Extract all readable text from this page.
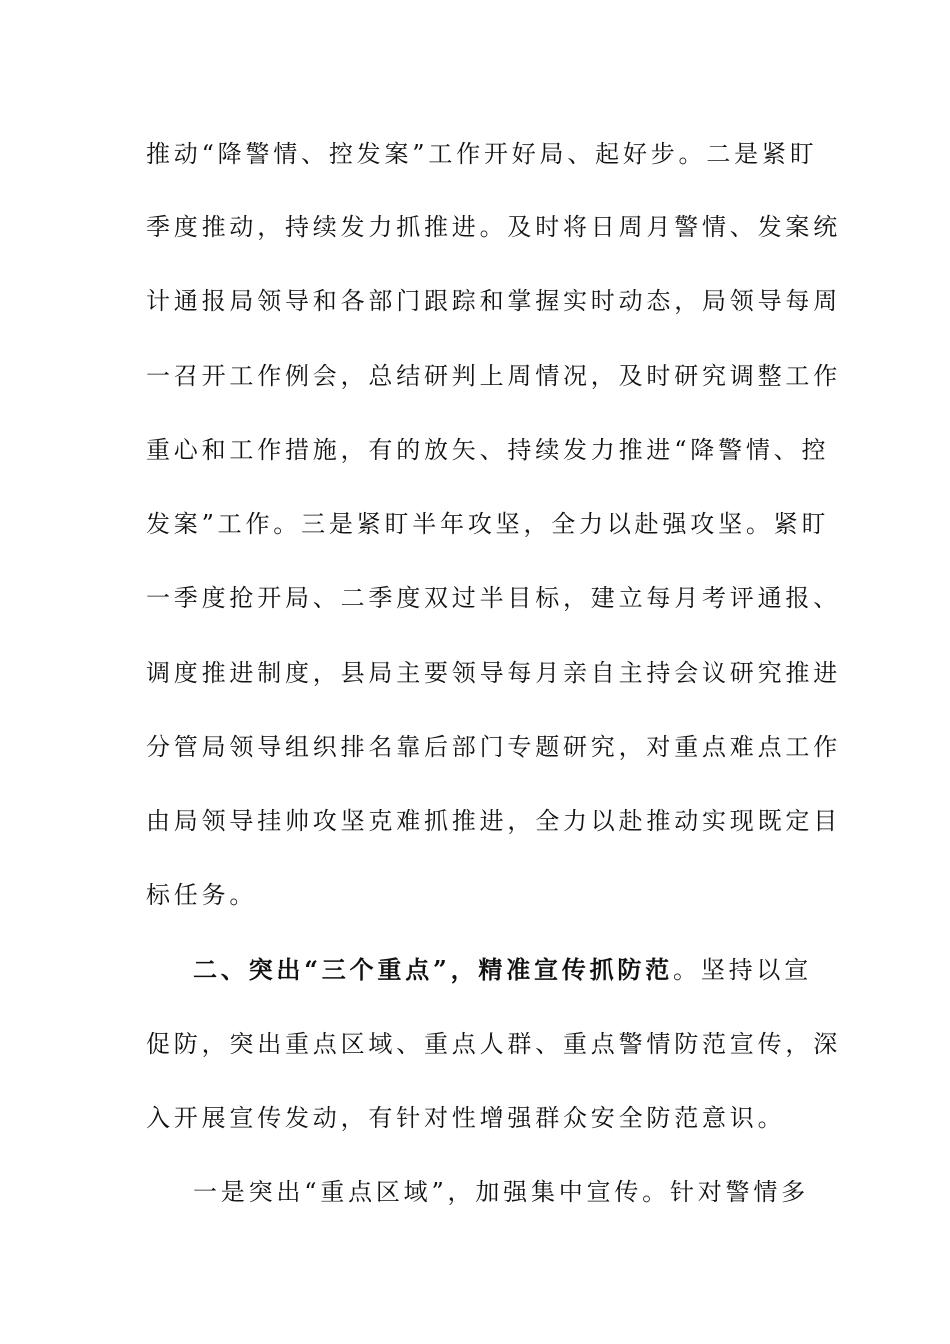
推动“降警情、控发案”工作开好局、起好步。二是紧盯
季度推动，持续发力抓推进。及时将日周月警情、发案统
计通报局领导和各部门跟踪和掌握实时动态，局领导每周
一召开工作例会，总结研判上周情况，及时研究调整工作
重心和工作措施，有的放矢、持续发力推进“降警情、控
发案”工作。三是紧盯半年攻坚，全力以赴强攻坚。紧盯
一季度抢开局、二季度双过半目标，建立每月考评通报、
调度推进制度，县局主要领导每月亲自主持会议研究推进
分管局领导组织排名靠后部门专题研究，对重点难点工作
由局领导挂帅攻坚克难抓推进，全力以赴推动实现既定目
标任务。
二、突出“三个重点”，精准宣传抓防范。坚持以宣
促防，突出重点区域、重点人群、重点警情防范宣传，深
入开展宣传发动，有针对性增强群众安全防范意识。
一是突出“重点区域”，加强集中宣传。针对警情多
